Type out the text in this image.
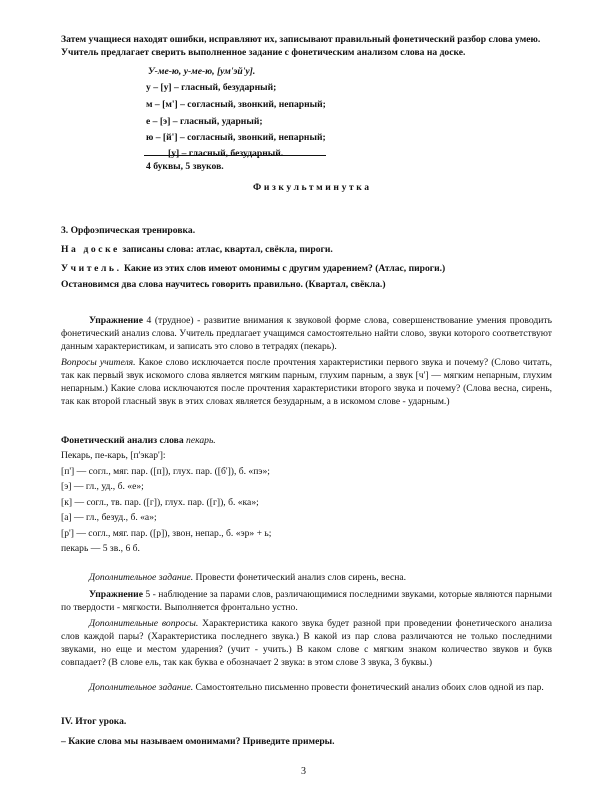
Затем учащиеся находят ошибки, исправляют их, записывают правильный фонетический разбор слова умею.
Учитель предлагает сверить выполненное задание с фонетическим анализом слова на доске.
У-ме-ю, у-ме-ю, [ум'эй'у].
у – [у] – гласный, безударный;
м – [м'] – согласный, звонкий, непарный;
е – [э] – гласный, ударный;
ю – [й'] – согласный, звонкий, непарный;
[у] – гласный, безударный.
4 буквы, 5 звуков.
Физкультминутка
3. Орфоэпическая тренировка.
На доске записаны слова: атлас, квартал, свёкла, пироги.
Учитель. Какие из этих слов имеют омонимы с другим ударением? (Атлас, пироги.)
Остановимся два слова научитесь говорить правильно. (Квартал, свёкла.)
Упражнение 4 (трудное) - развитие внимания к звуковой форме слова, совершенствование умения проводить фонетический анализ слова. Учитель предлагает учащимся самостоятельно найти слово, звуки которого соответствуют данным характеристикам, и записать это слово в тетрадях (пекарь).
Вопросы учителя. Какое слово исключается после прочтения характеристики первого звука и почему? (Слово читать, так как первый звук искомого слова является мягким парным, глухим парным, а звук [ч'] — мягким непарным, глухим непарным.) Какие слова исключаются после прочтения характеристики второго звука и почему? (Слова весна, сирень, так как второй гласный звук в этих словах является безударным, а в искомом слове - ударным.)
Фонетический анализ слова пекарь.
Пекарь, пе-карь, [п'экар']:
[п'] — согл., мяг. пар. ([п]), глух. пар. ([б']), б. «пэ»;
[э] — гл., уд., б. «е»;
[к] — согл., тв. пар. ([г]), глух. пар. ([г]), б. «ка»;
[а] — гл., безуд., б. «а»;
[р'] — согл., мяг. пар. ([р]), звон, непар., б. «эр» + ь;
пекарь — 5 зв., 6 б.
Дополнительное задание. Провести фонетический анализ слов сирень, весна.
Упражнение 5 - наблюдение за парами слов, различающимися последними звуками, которые являются парными по твердости - мягкости. Выполняется фронтально устно.
Дополнительные вопросы. Характеристика какого звука будет разной при проведении фонетического анализа слов каждой пары? (Характеристика последнего звука.) В какой из пар слова различаются не только последними звуками, но еще и местом ударения? (учит - учить.) В каком слове с мягким знаком количество звуков и букв совпадает? (В слове ель, так как буква е обозначает 2 звука: в этом слове 3 звука, 3 буквы.)
Дополнительное задание. Самостоятельно письменно провести фонетический анализ обоих слов одной из пар.
IV. Итог урока.
– Какие слова мы называем омонимами? Приведите примеры.
3
